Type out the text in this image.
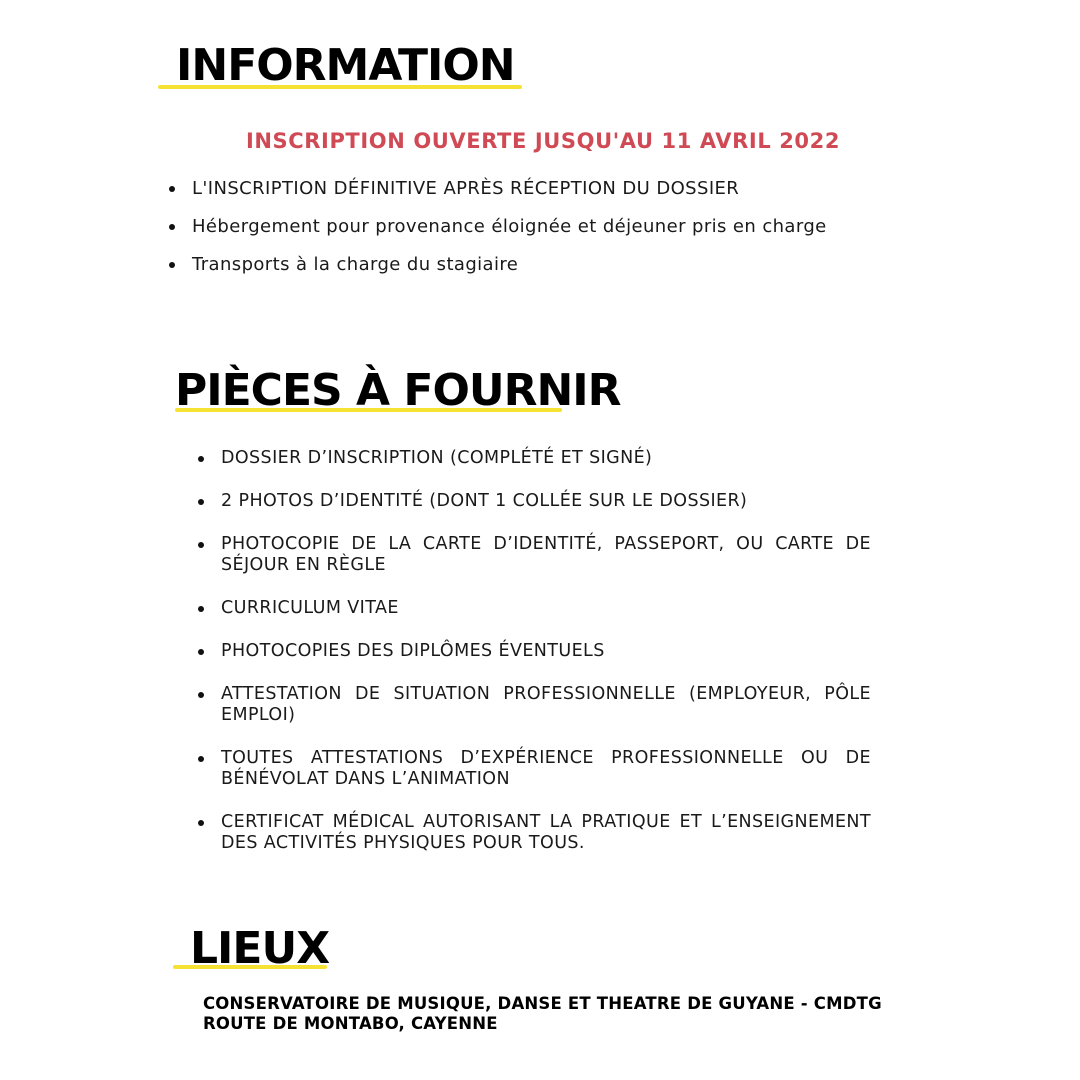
INFORMATION

INSCRIPTION OUVERTE JUSQU'AU 11 AVRIL 2022

L'INSCRIPTION DÉFINITIVE APRÈS RÉCEPTION DU DOSSIER
Hébergement pour provenance éloignée et déjeuner pris en charge
Transports à la charge du stagiaire
PIÈCES À FOURNIR
DOSSIER D’INSCRIPTION (COMPLÉTÉ ET SIGNÉ)
2 PHOTOS D’IDENTITÉ (DONT 1 COLLÉE SUR LE DOSSIER)
PHOTOCOPIE DE LA CARTE D’IDENTITÉ, PASSEPORT, OU CARTE DE SÉJOUR EN RÈGLE
CURRICULUM VITAE
PHOTOCOPIES DES DIPLÔMES ÉVENTUELS
ATTESTATION DE SITUATION PROFESSIONNELLE (EMPLOYEUR, PÔLE EMPLOI)
TOUTES ATTESTATIONS D’EXPÉRIENCE PROFESSIONNELLE OU DE BÉNÉVOLAT DANS L’ANIMATION
CERTIFICAT MÉDICAL AUTORISANT LA PRATIQUE ET L’ENSEIGNEMENT DES ACTIVITÉS PHYSIQUES POUR TOUS.
LIEUX

CONSERVATOIRE DE MUSIQUE, DANSE ET THEATRE DE GUYANE - CMDTG
ROUTE DE MONTABO, CAYENNE
